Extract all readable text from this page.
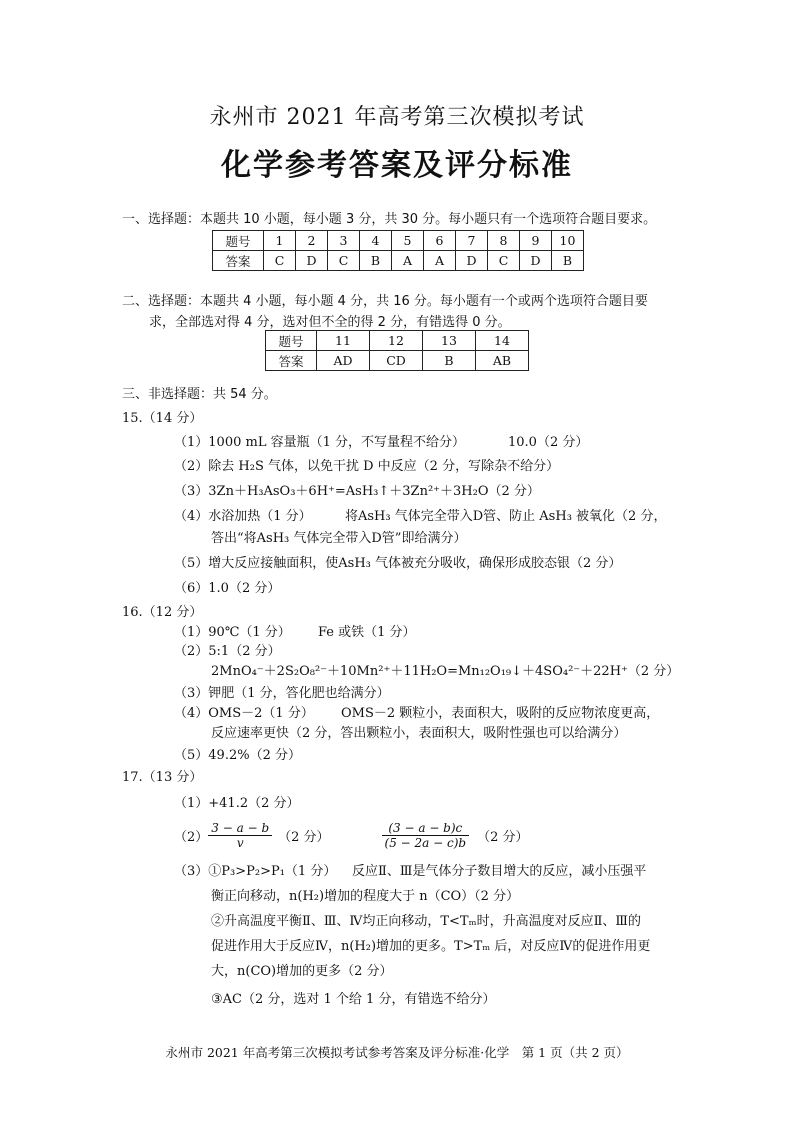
永州市 2021 年高考第三次模拟考试
化学参考答案及评分标准
一、选择题：本题共 10 小题，每小题 3 分，共 30 分。每小题只有一个选项符合题目要求。
题号	1	2	3	4	5	6	7	8	9	10
答案	C	D	C	B	A	A	D	C	D	B
二、选择题：本题共 4 小题，每小题 4 分，共 16 分。每小题有一个或两个选项符合题目要
求，全部选对得 4 分，选对但不全的得 2 分，有错选得 0 分。
题号	11	12	13	14
答案	AD	CD	B	AB
三、非选择题：共 54 分。
15.（14 分）
（1）1000 mL 容量瓶（1 分，不写量程不给分）	10.0（2 分）
（2）除去 H₂S 气体，以免干扰 D 中反应（2 分，写除杂不给分）
（3）3Zn＋H₃AsO₃＋6H⁺=AsH₃↑＋3Zn²⁺＋3H₂O（2 分）
（4）水浴加热（1 分）	将AsH₃ 气体完全带入D管、防止 AsH₃ 被氧化（2 分，
答出“将AsH₃ 气体完全带入D管”即给满分）
（5）增大反应接触面积，使AsH₃ 气体被充分吸收，确保形成胶态银（2 分）
（6）1.0（2 分）
16.（12 分）
（1）90℃（1 分） Fe 或铁（1 分）
（2）5:1（2 分）
2MnO₄⁻＋2S₂O₈²⁻＋10Mn²⁺＋11H₂O=Mn₁₂O₁₉↓＋4SO₄²⁻＋22H⁺（2 分）
（3）钾肥（1 分，答化肥也给满分）
（4）OMS－2（1 分） OMS－2 颗粒小，表面积大，吸附的反应物浓度更高，
反应速率更快（2 分，答出颗粒小，表面积大，吸附性强也可以给满分）
（5）49.2%（2 分）
17.（13 分）
（1）+41.2（2 分）
$(2) \frac{3 - a - b}{v} (2$ 分）	$\frac{(3 - a - b)c}{(5 - 2a - c)b} (2$ 分）
（3）①P₃>P₂>P₁（1 分） 反应Ⅱ、Ⅲ是气体分子数目增大的反应，减小压强平
衡正向移动，n(H₂)增加的程度大于 n（CO）（2 分）
②升高温度平衡Ⅱ、Ⅲ、Ⅳ均正向移动，T<Tₘ时，升高温度对反应Ⅱ、Ⅲ的
促进作用大于反应Ⅳ，n(H₂)增加的更多。T>Tₘ 后，对反应Ⅳ的促进作用更
大，n(CO)增加的更多（2 分）
③AC（2 分，选对 1 个给 1 分，有错选不给分）
永州市 2021 年高考第三次模拟考试参考答案及评分标准·化学　第 1 页（共 2 页）
